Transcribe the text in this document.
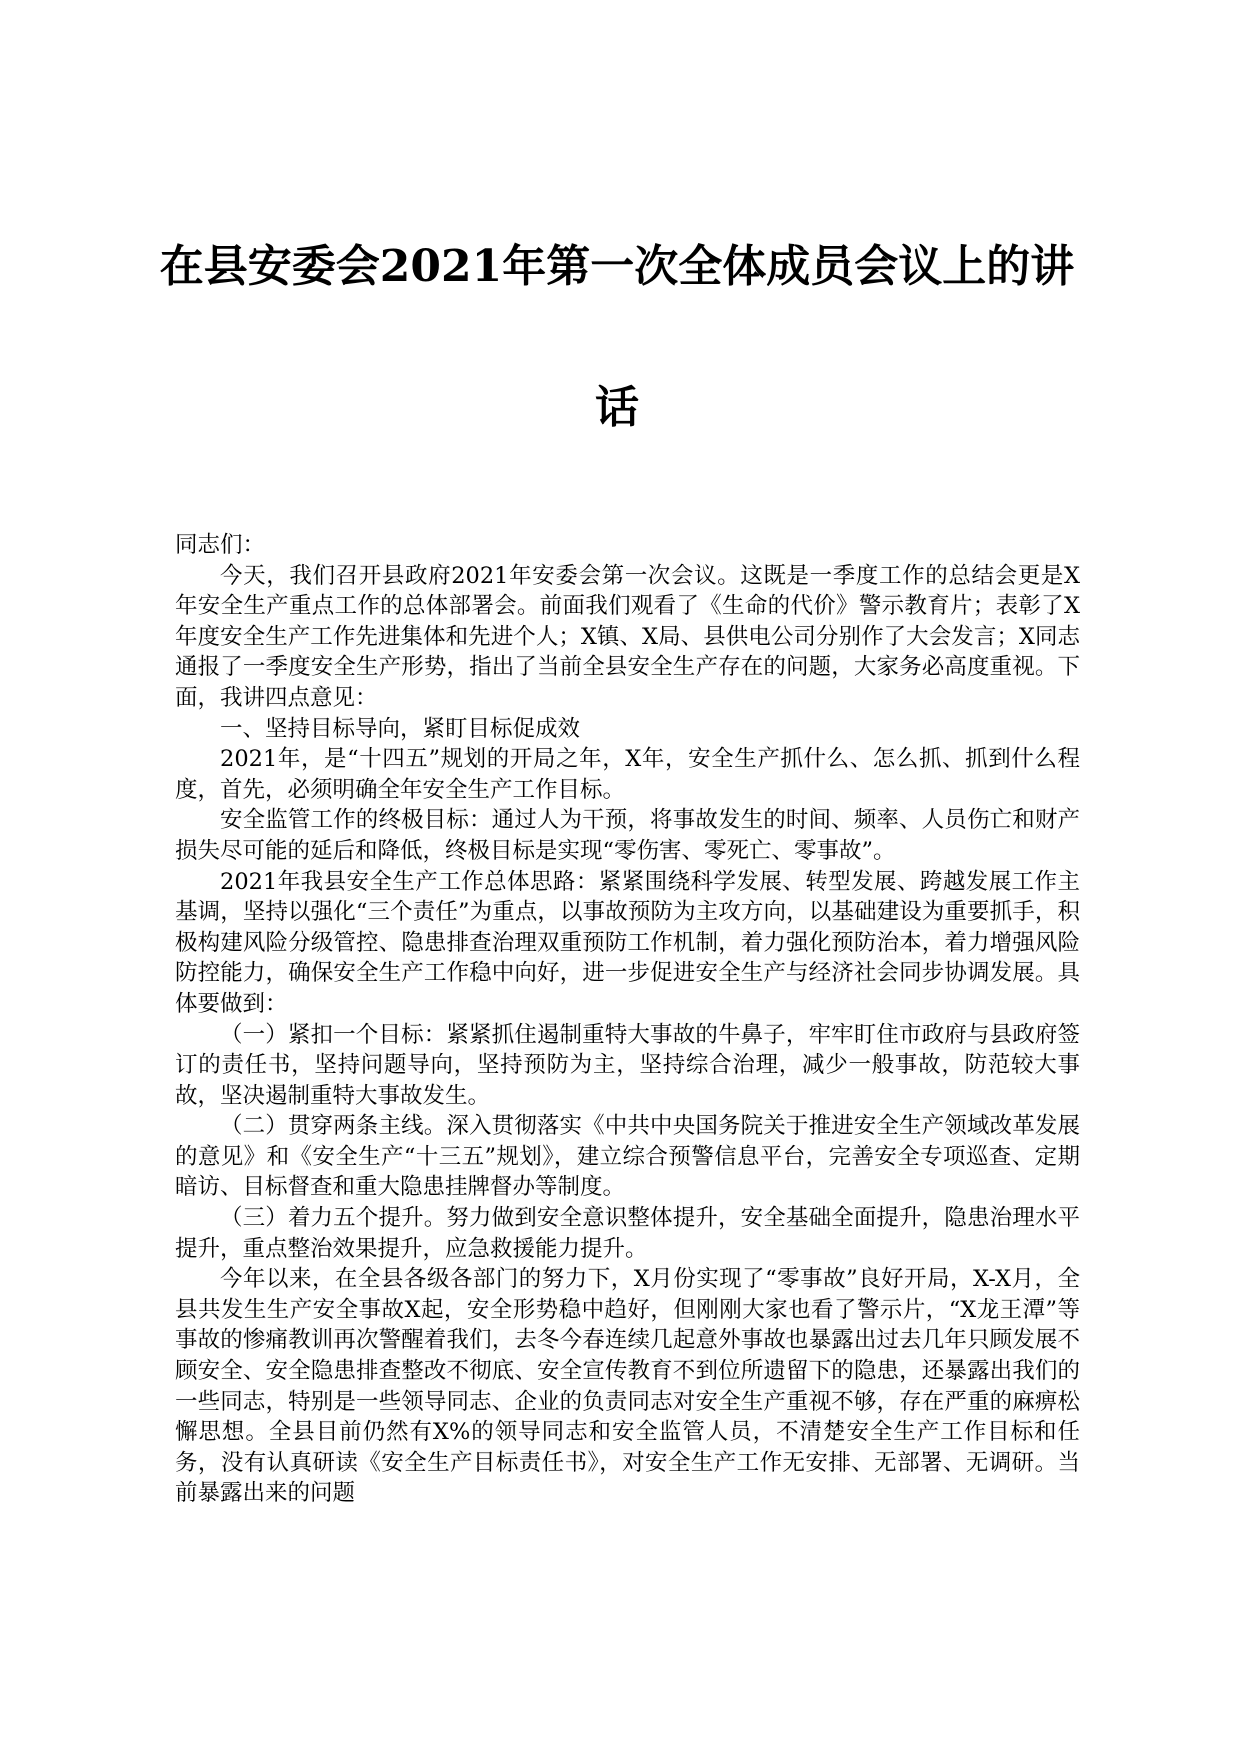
在县安委会2021年第一次全体成员会议上的讲
话

同志们：

今天，我们召开县政府2021年安委会第一次会议。这既是一季度工作的总结会更是X年安全生产重点工作的总体部署会。前面我们观看了《生命的代价》警示教育片；表彰了X年度安全生产工作先进集体和先进个人；X镇、X局、县供电公司分别作了大会发言；X同志通报了一季度安全生产形势，指出了当前全县安全生产存在的问题，大家务必高度重视。下面，我讲四点意见：

一、坚持目标导向，紧盯目标促成效

2021年，是“十四五”规划的开局之年，X年，安全生产抓什么、怎么抓、抓到什么程度，首先，必须明确全年安全生产工作目标。

安全监管工作的终极目标：通过人为干预，将事故发生的时间、频率、人员伤亡和财产损失尽可能的延后和降低，终极目标是实现“零伤害、零死亡、零事故”。

2021年我县安全生产工作总体思路：紧紧围绕科学发展、转型发展、跨越发展工作主基调，坚持以强化“三个责任”为重点，以事故预防为主攻方向，以基础建设为重要抓手，积极构建风险分级管控、隐患排查治理双重预防工作机制，着力强化预防治本，着力增强风险防控能力，确保安全生产工作稳中向好，进一步促进安全生产与经济社会同步协调发展。具体要做到：

（一）紧扣一个目标：紧紧抓住遏制重特大事故的牛鼻子，牢牢盯住市政府与县政府签订的责任书，坚持问题导向，坚持预防为主，坚持综合治理，减少一般事故，防范较大事故，坚决遏制重特大事故发生。

（二）贯穿两条主线。深入贯彻落实《中共中央国务院关于推进安全生产领域改革发展的意见》和《安全生产“十三五”规划》，建立综合预警信息平台，完善安全专项巡查、定期暗访、目标督查和重大隐患挂牌督办等制度。

（三）着力五个提升。努力做到安全意识整体提升，安全基础全面提升，隐患治理水平提升，重点整治效果提升，应急救援能力提升。

今年以来，在全县各级各部门的努力下，X月份实现了“零事故”良好开局，X-X月，全县共发生生产安全事故X起，安全形势稳中趋好，但刚刚大家也看了警示片，“X龙王潭”等事故的惨痛教训再次警醒着我们，去冬今春连续几起意外事故也暴露出过去几年只顾发展不顾安全、安全隐患排查整改不彻底、安全宣传教育不到位所遗留下的隐患，还暴露出我们的一些同志，特别是一些领导同志、企业的负责同志对安全生产重视不够，存在严重的麻痹松懈思想。全县目前仍然有X%的领导同志和安全监管人员，不清楚安全生产工作目标和任务，没有认真研读《安全生产目标责任书》，对安全生产工作无安排、无部署、无调研。当前暴露出来的问题
